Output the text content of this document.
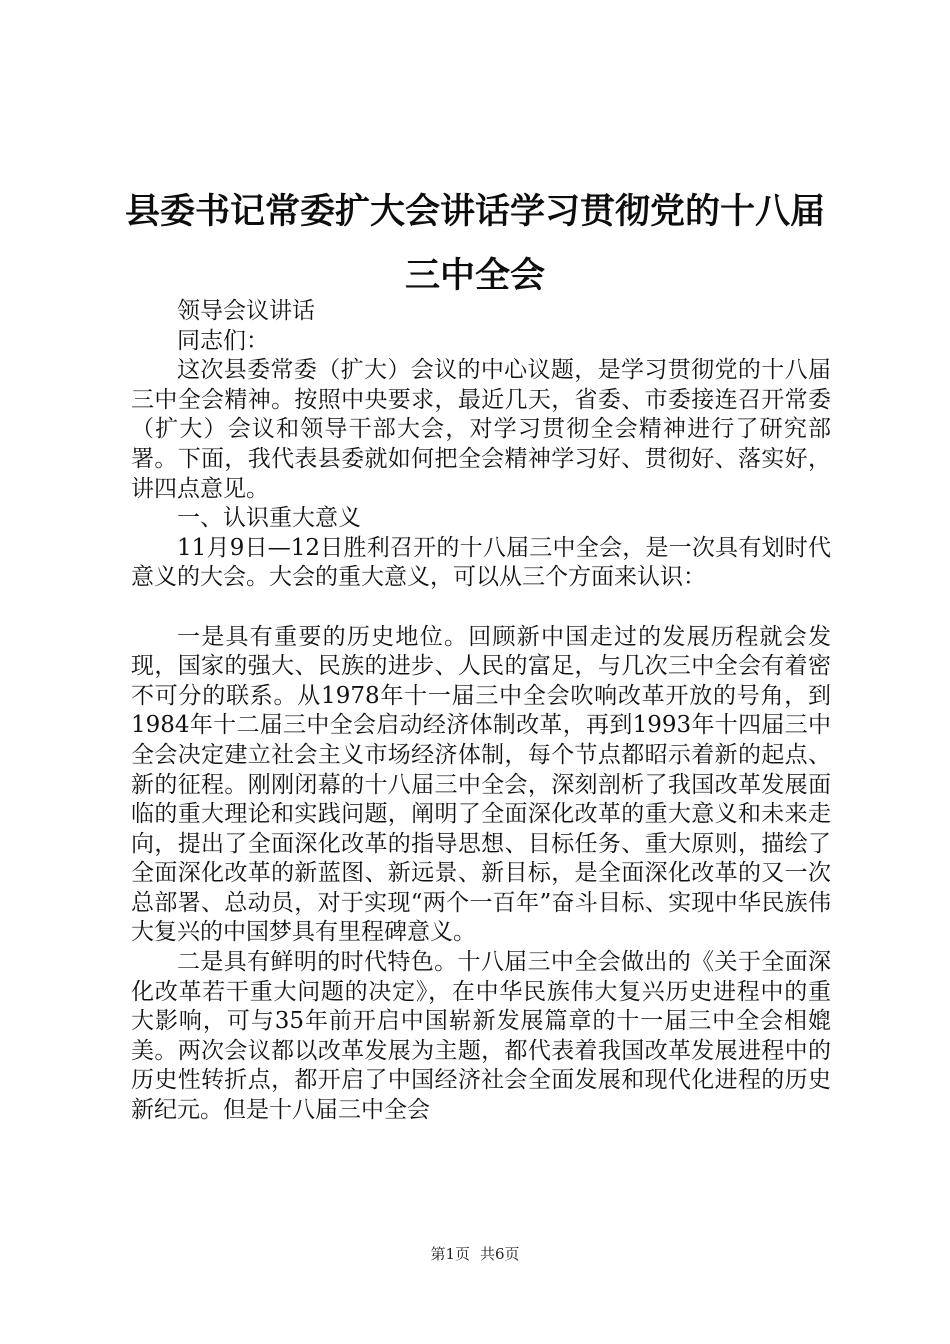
县委书记常委扩大会讲话学习贯彻党的十八届
三中全会

领导会议讲话

同志们：

这次县委常委（扩大）会议的中心议题，是学习贯彻党的十八届三中全会精神。按照中央要求，最近几天，省委、市委接连召开常委（扩大）会议和领导干部大会，对学习贯彻全会精神进行了研究部署。下面，我代表县委就如何把全会精神学习好、贯彻好、落实好，讲四点意见。

一、认识重大意义

11月9日—12日胜利召开的十八届三中全会，是一次具有划时代意义的大会。大会的重大意义，可以从三个方面来认识：

一是具有重要的历史地位。回顾新中国走过的发展历程就会发现，国家的强大、民族的进步、人民的富足，与几次三中全会有着密不可分的联系。从1978年十一届三中全会吹响改革开放的号角，到1984年十二届三中全会启动经济体制改革，再到1993年十四届三中全会决定建立社会主义市场经济体制，每个节点都昭示着新的起点、新的征程。刚刚闭幕的十八届三中全会，深刻剖析了我国改革发展面临的重大理论和实践问题，阐明了全面深化改革的重大意义和未来走向，提出了全面深化改革的指导思想、目标任务、重大原则，描绘了全面深化改革的新蓝图、新远景、新目标，是全面深化改革的又一次总部署、总动员，对于实现“两个一百年”奋斗目标、实现中华民族伟大复兴的中国梦具有里程碑意义。

二是具有鲜明的时代特色。十八届三中全会做出的《关于全面深化改革若干重大问题的决定》，在中华民族伟大复兴历史进程中的重大影响，可与35年前开启中国崭新发展篇章的十一届三中全会相媲美。两次会议都以改革发展为主题，都代表着我国改革发展进程中的历史性转折点，都开启了中国经济社会全面发展和现代化进程的历史新纪元。但是十八届三中全会

第1页 共6页
